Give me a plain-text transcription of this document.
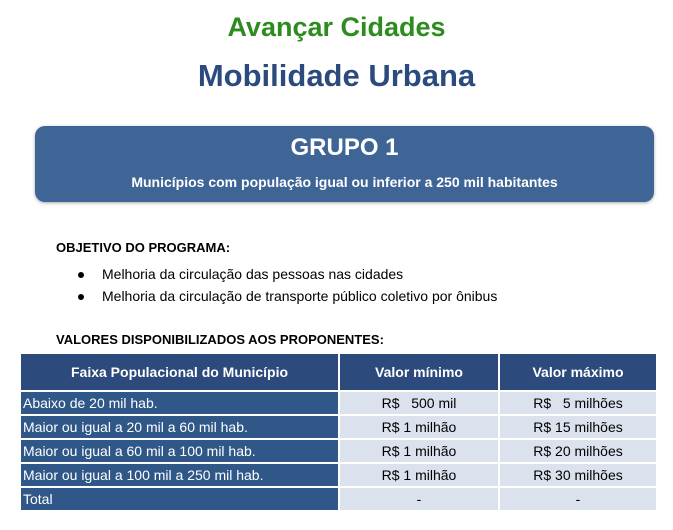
Avançar Cidades
Mobilidade Urbana
GRUPO 1
Municípios com população igual ou inferior a 250 mil habitantes
OBJETIVO DO PROGRAMA:
Melhoria da circulação das pessoas nas cidades
Melhoria da circulação de transporte público coletivo por ônibus
VALORES DISPONIBILIZADOS AOS PROPONENTES:
Faixa Populacional do Município	Valor mínimo	Valor máximo
Abaixo de 20 mil hab.	R$   500 mil	R$   5 milhões
Maior ou igual a 20 mil a 60 mil hab.	R$ 1 milhão	R$ 15 milhões
Maior ou igual a 60 mil a 100 mil hab.	R$ 1 milhão	R$ 20 milhões
Maior ou igual a 100 mil a 250 mil hab.	R$ 1 milhão	R$ 30 milhões
Total	-	-
